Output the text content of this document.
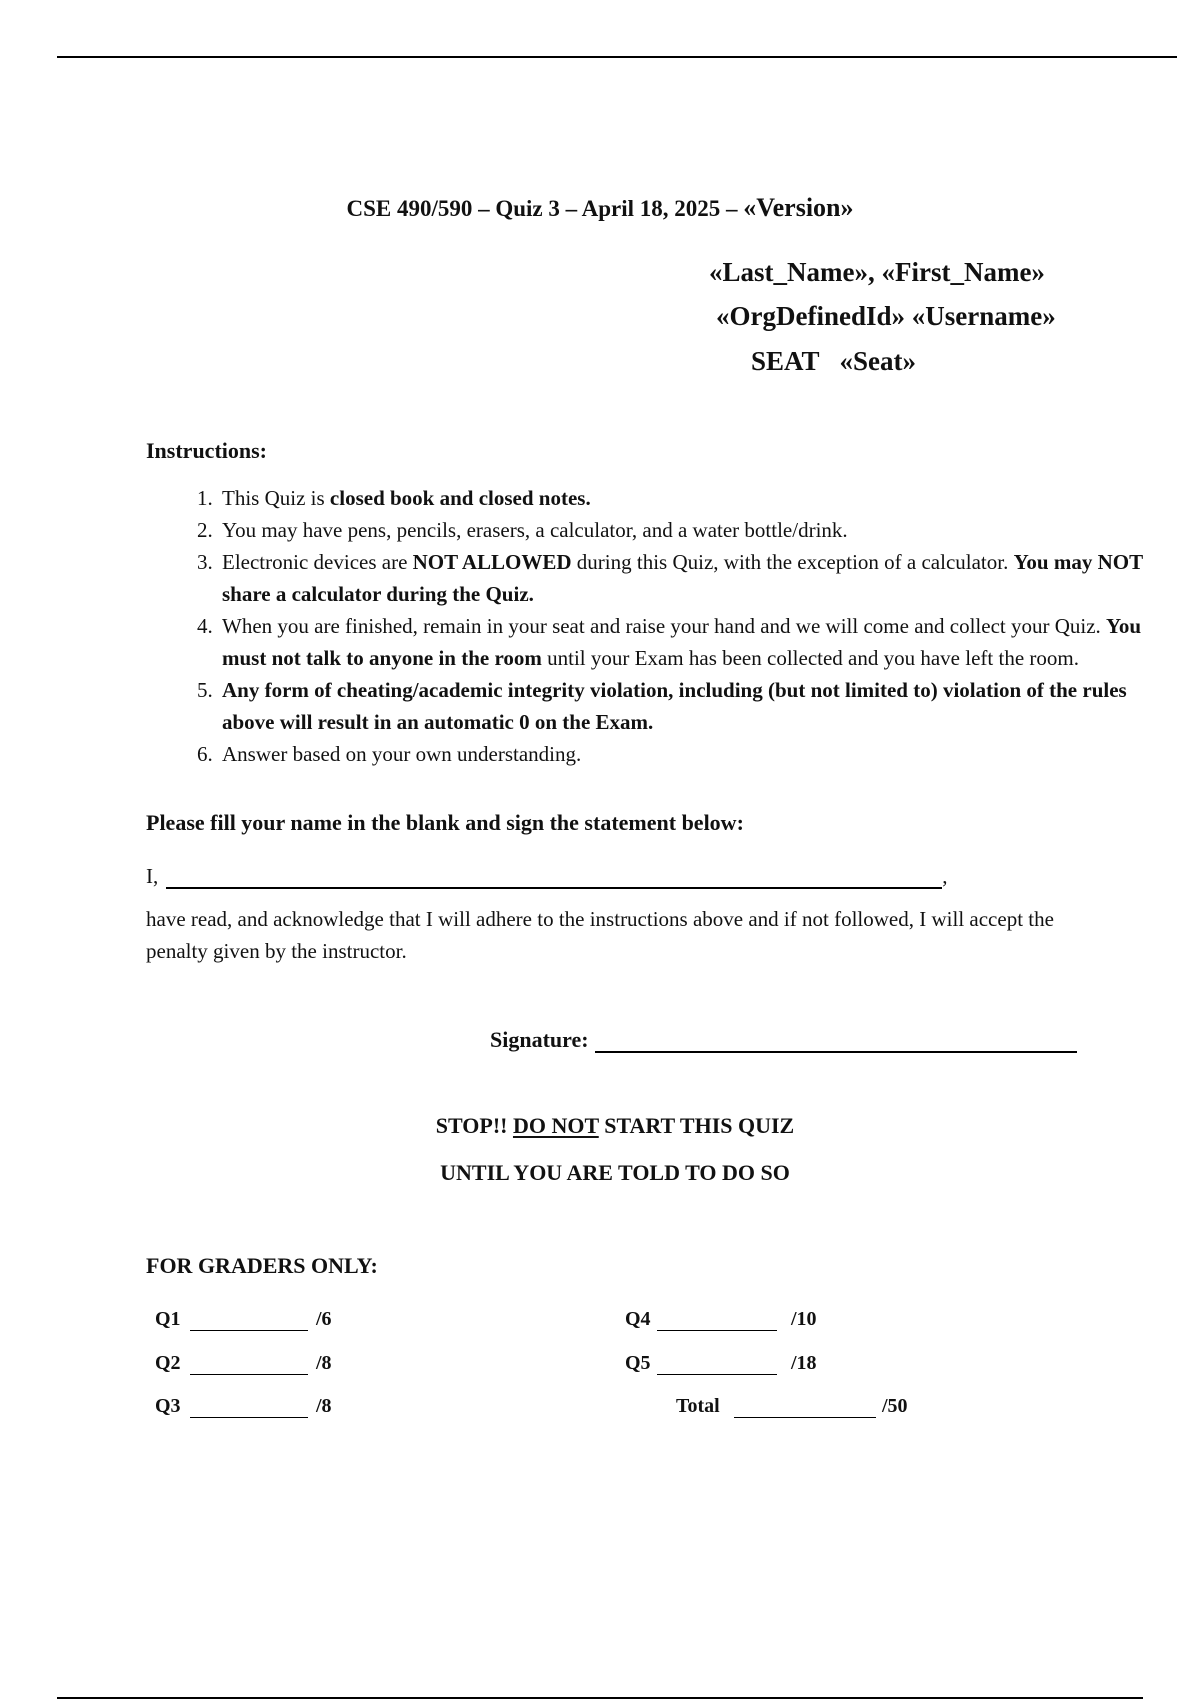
CSE 490/590 – Quiz 3 – April 18, 2025 – «Version»
«Last_Name», «First_Name»
«OrgDefinedId» «Username»
SEAT «Seat»
Instructions:
1. This Quiz is closed book and closed notes.
2. You may have pens, pencils, erasers, a calculator, and a water bottle/drink.
3. Electronic devices are NOT ALLOWED during this Quiz, with the exception of a calculator. You may NOT share a calculator during the Quiz.
4. When you are finished, remain in your seat and raise your hand and we will come and collect your Quiz. You must not talk to anyone in the room until your Exam has been collected and you have left the room.
5. Any form of cheating/academic integrity violation, including (but not limited to) violation of the rules above will result in an automatic 0 on the Exam.
6. Answer based on your own understanding.
Please fill your name in the blank and sign the statement below:
I,	,
have read, and acknowledge that I will adhere to the instructions above and if not followed, I will accept the penalty given by the instructor.
Signature:
STOP!! DO NOT START THIS QUIZ
UNTIL YOU ARE TOLD TO DO SO
FOR GRADERS ONLY:
Q1	/6
Q2	/8
Q3	/8
Q4	/10
Q5	/18
Total	/50
